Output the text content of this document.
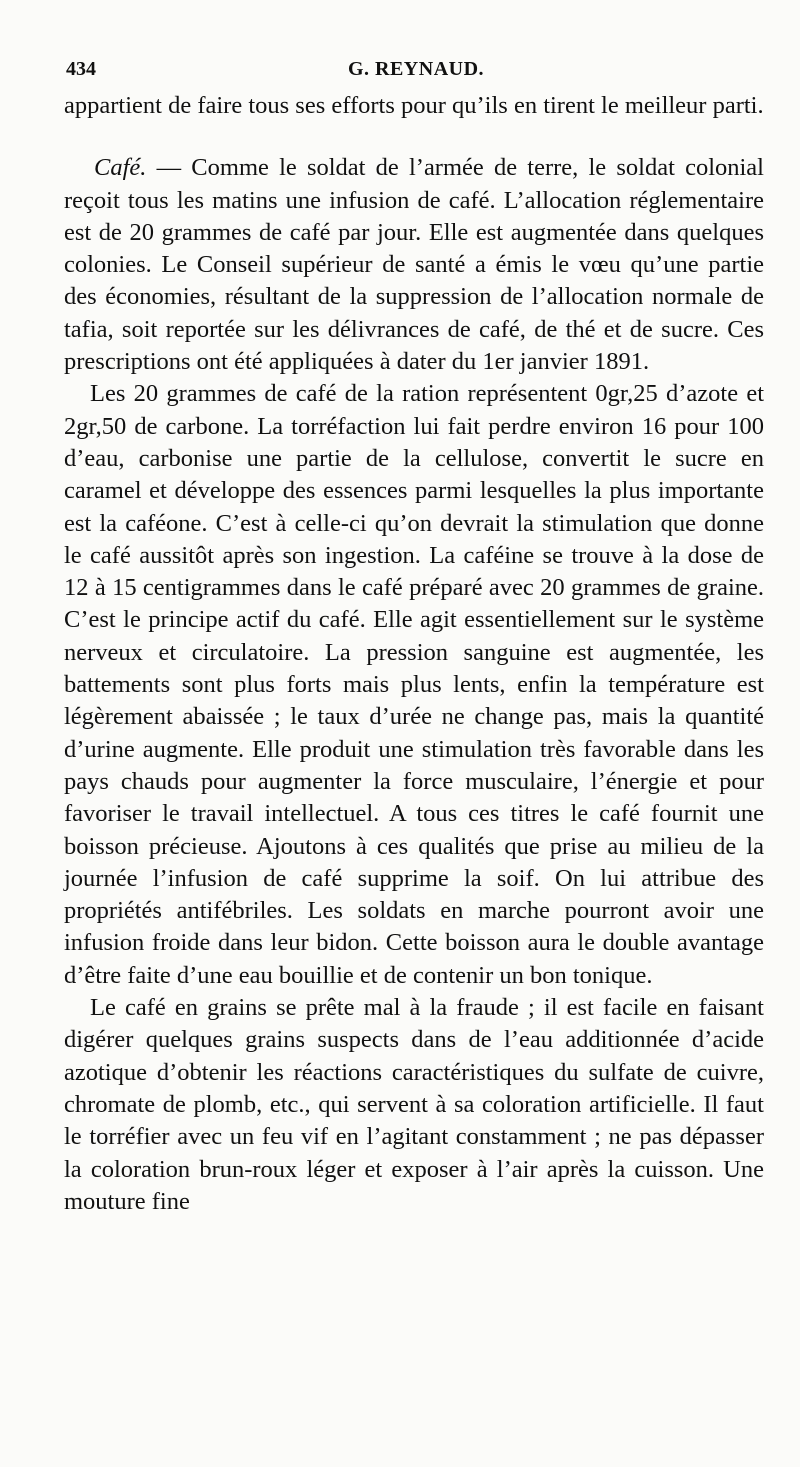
434	G. REYNAUD.

appartient de faire tous ses efforts pour qu’ils en tirent le meilleur parti.

Café. — Comme le soldat de l’armée de terre, le soldat colonial reçoit tous les matins une infusion de café. L’allocation réglementaire est de 20 grammes de café par jour. Elle est augmentée dans quelques colonies. Le Conseil supérieur de santé a émis le vœu qu’une partie des économies, résultant de la suppression de l’allocation normale de tafia, soit reportée sur les délivrances de café, de thé et de sucre. Ces prescriptions ont été appliquées à dater du 1er janvier 1891.

Les 20 grammes de café de la ration représentent 0gr,25 d’azote et 2gr,50 de carbone. La torréfaction lui fait perdre environ 16 pour 100 d’eau, carbonise une partie de la cellulose, convertit le sucre en caramel et développe des essences parmi lesquelles la plus importante est la caféone. C’est à celle-ci qu’on devrait la stimulation que donne le café aussitôt après son ingestion. La caféine se trouve à la dose de 12 à 15 centigrammes dans le café préparé avec 20 grammes de graine. C’est le principe actif du café. Elle agit essentiellement sur le système nerveux et circulatoire. La pression sanguine est augmentée, les battements sont plus forts mais plus lents, enfin la température est légèrement abaissée ; le taux d’urée ne change pas, mais la quantité d’urine augmente. Elle produit une stimulation très favorable dans les pays chauds pour augmenter la force musculaire, l’énergie et pour favoriser le travail intellectuel. A tous ces titres le café fournit une boisson précieuse. Ajoutons à ces qualités que prise au milieu de la journée l’infusion de café supprime la soif. On lui attribue des propriétés antifébriles. Les soldats en marche pourront avoir une infusion froide dans leur bidon. Cette boisson aura le double avantage d’être faite d’une eau bouillie et de contenir un bon tonique.

Le café en grains se prête mal à la fraude ; il est facile en faisant digérer quelques grains suspects dans de l’eau additionnée d’acide azotique d’obtenir les réactions caractéristiques du sulfate de cuivre, chromate de plomb, etc., qui servent à sa coloration artificielle. Il faut le torréfier avec un feu vif en l’agitant constamment ; ne pas dépasser la coloration brun-roux léger et exposer à l’air après la cuisson. Une mouture fine
